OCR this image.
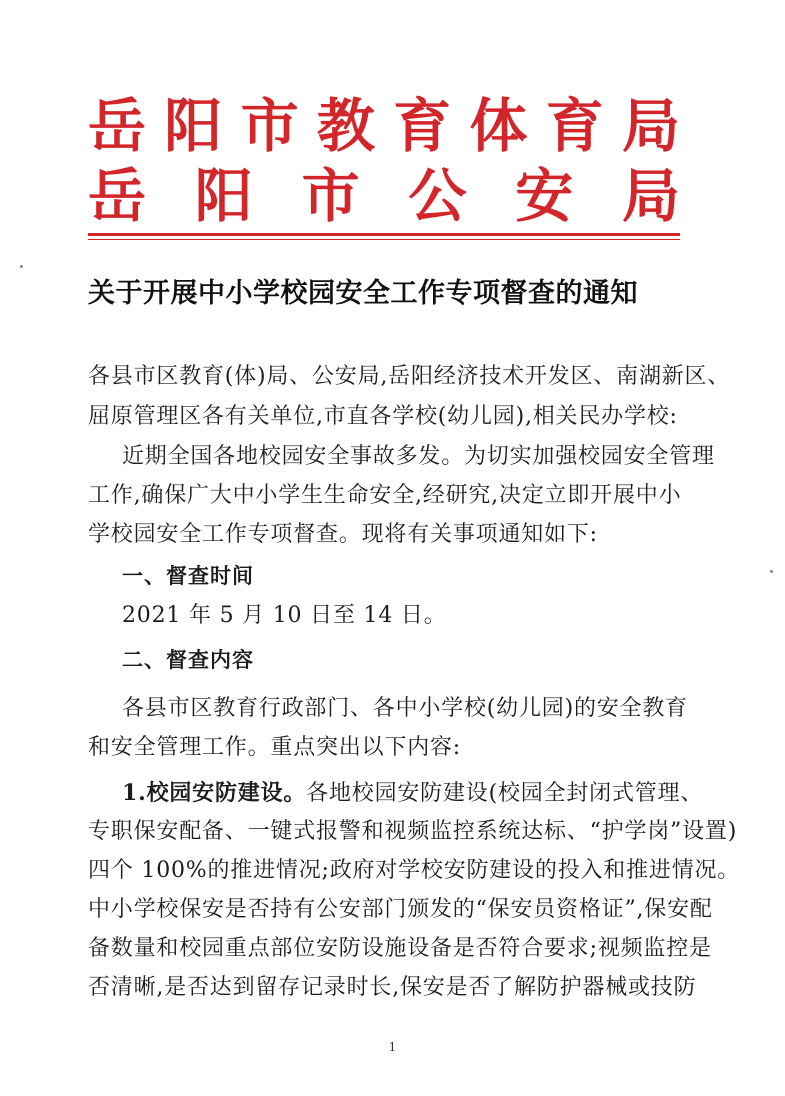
岳 阳 市 教 育 体 育 局
岳 阳 市 公 安 局
关于开展中小学校园安全工作专项督查的通知
各县市区教育(体)局、公安局,岳阳经济技术开发区、南湖新区、
屈原管理区各有关单位,市直各学校(幼儿园),相关民办学校:
近期全国各地校园安全事故多发。为切实加强校园安全管理
工作,确保广大中小学生生命安全,经研究,决定立即开展中小
学校园安全工作专项督查。现将有关事项通知如下:
一、督查时间
2021 年 5 月 10 日至 14 日。
二、督查内容
各县市区教育行政部门、各中小学校(幼儿园)的安全教育
和安全管理工作。重点突出以下内容:
1.校园安防建设。各地校园安防建设(校园全封闭式管理、
专职保安配备、一键式报警和视频监控系统达标、“护学岗”设置)
四个 100%的推进情况;政府对学校安防建设的投入和推进情况。
中小学校保安是否持有公安部门颁发的“保安员资格证”,保安配
备数量和校园重点部位安防设施设备是否符合要求;视频监控是
否清晰,是否达到留存记录时长,保安是否了解防护器械或技防
1
